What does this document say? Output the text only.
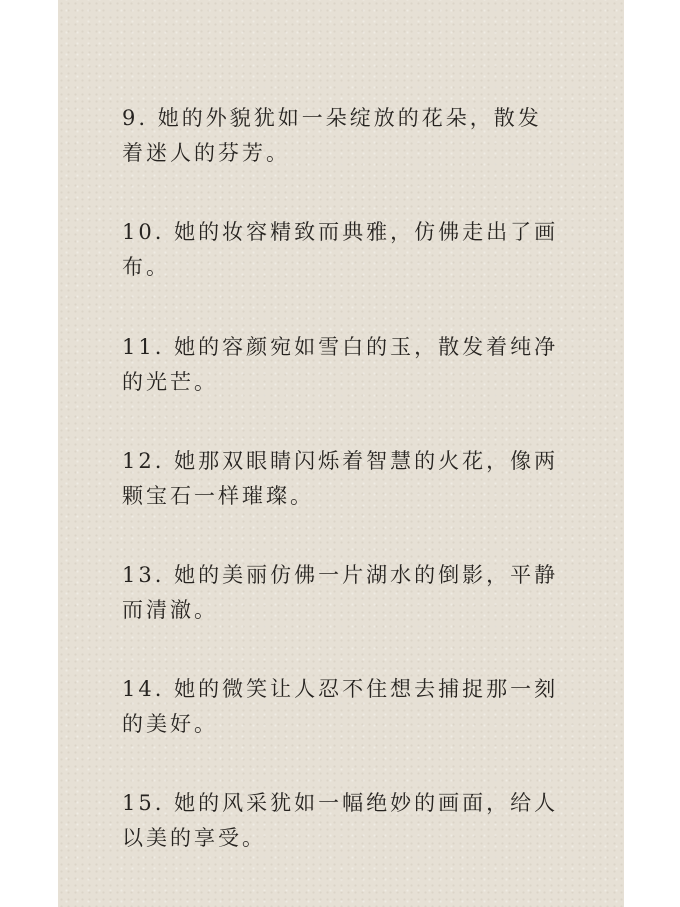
9. 她的外貌犹如一朵绽放的花朵，散发着迷人的芬芳。

10. 她的妆容精致而典雅，仿佛走出了画布。

11. 她的容颜宛如雪白的玉，散发着纯净的光芒。

12. 她那双眼睛闪烁着智慧的火花，像两颗宝石一样璀璨。

13. 她的美丽仿佛一片湖水的倒影，平静而清澈。

14. 她的微笑让人忍不住想去捕捉那一刻的美好。

15. 她的风采犹如一幅绝妙的画面，给人以美的享受。
